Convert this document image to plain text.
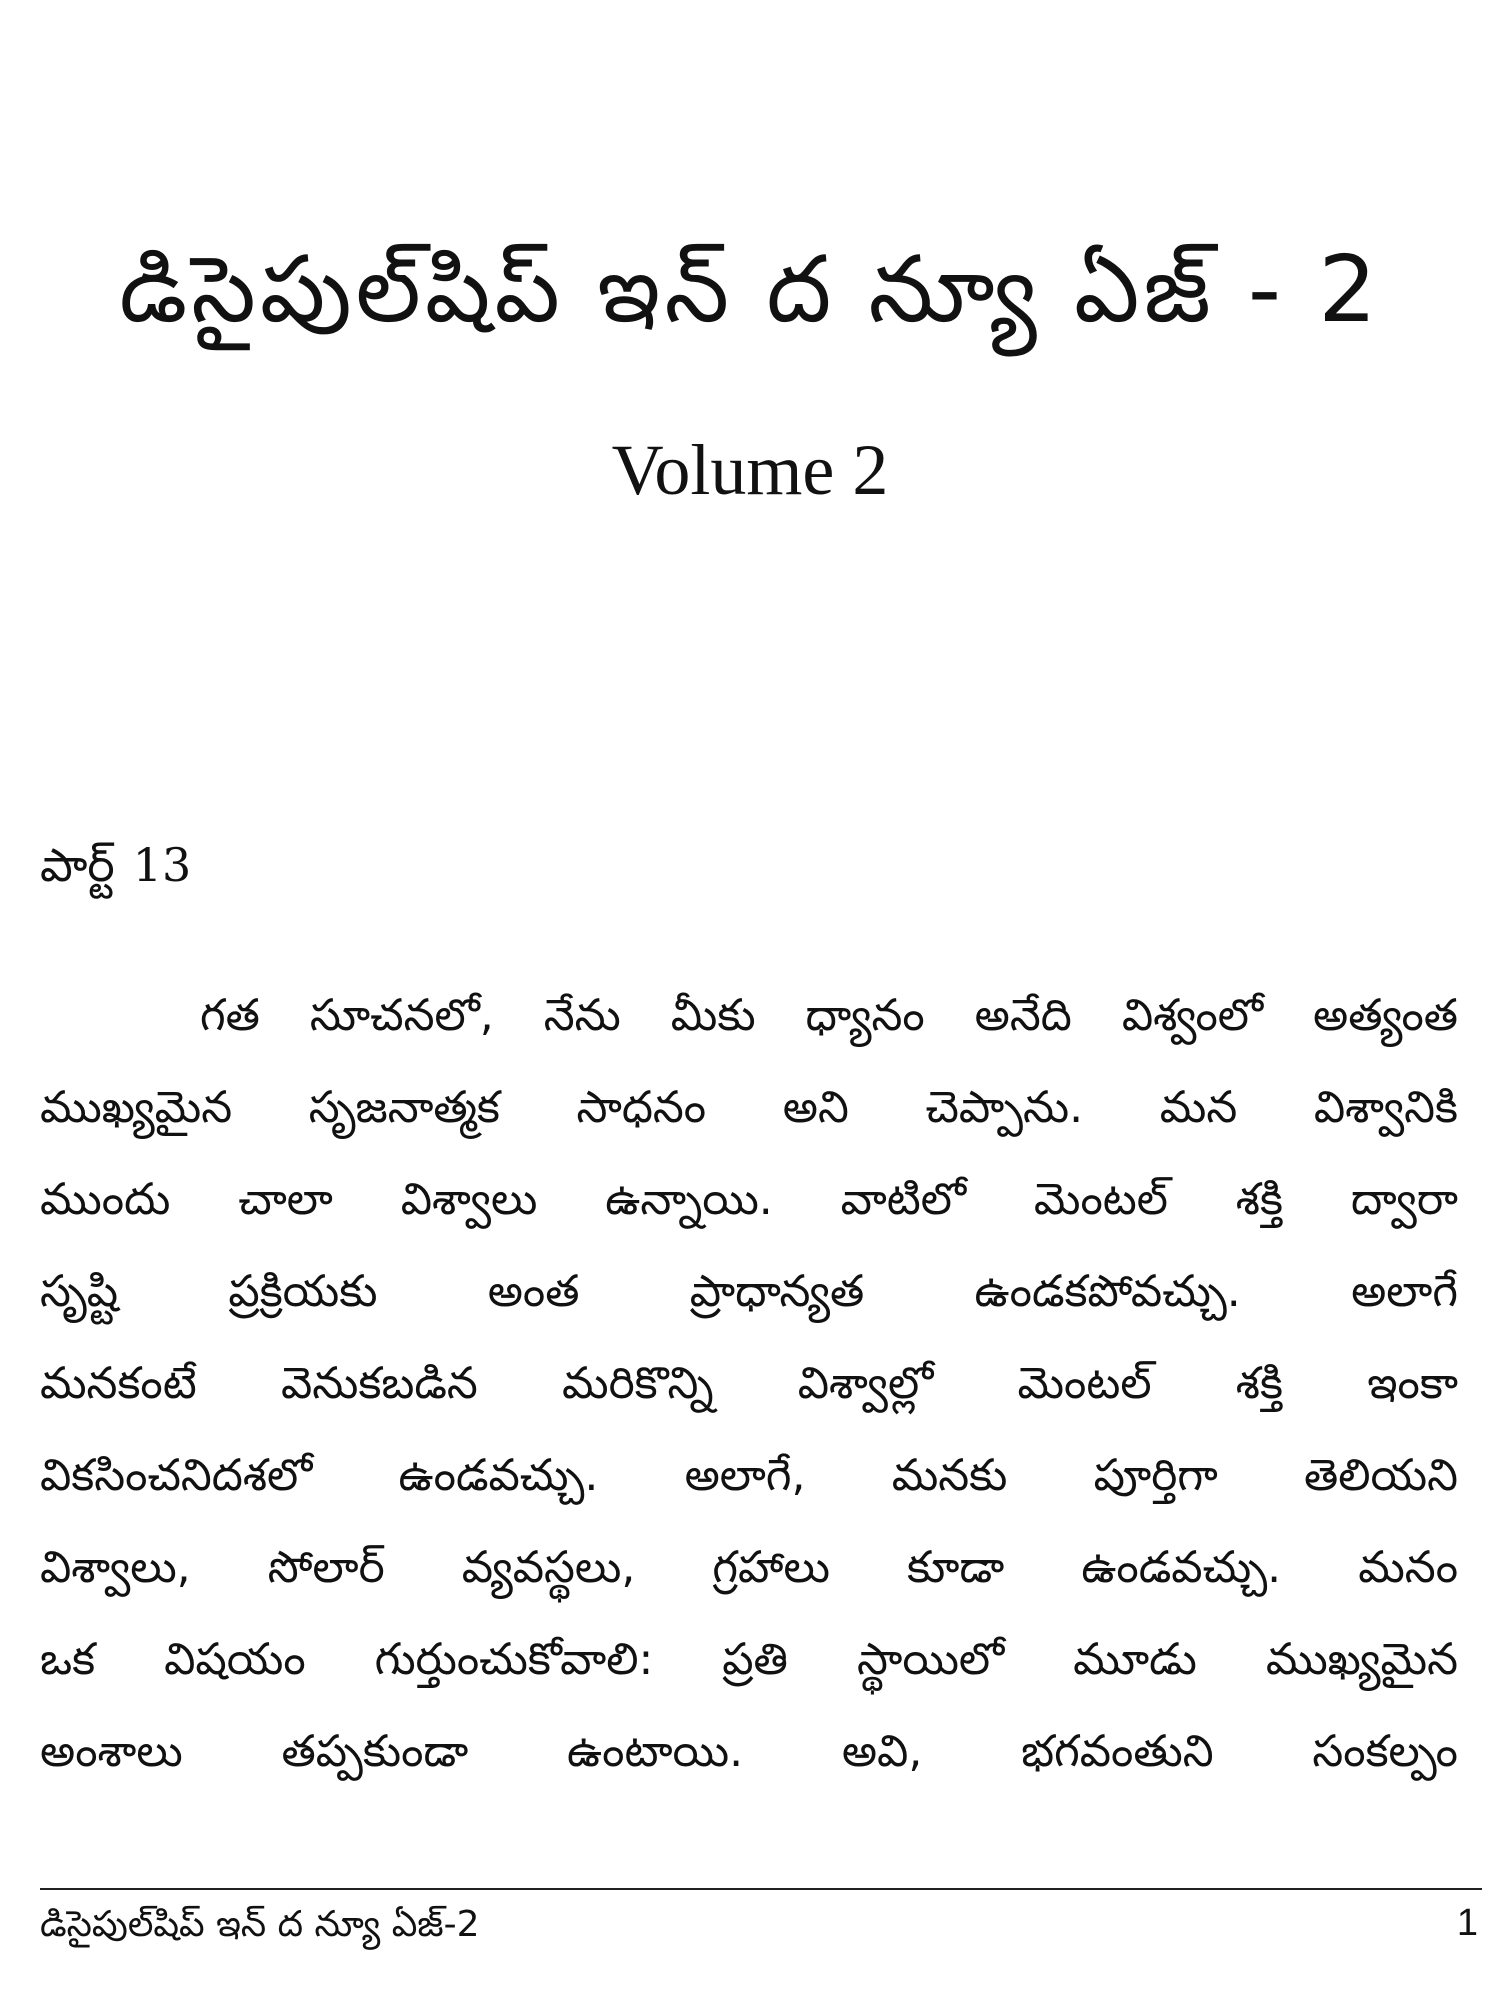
డిసైపుల్‌షిప్ ఇన్ ద న్యూ ఏజ్ - 2
Volume 2
పార్ట్ 13
గత సూచనలో, నేను మీకు ధ్యానం అనేది విశ్వంలో అత్యంత
ముఖ్యమైన సృజనాత్మక సాధనం అని చెప్పాను. మన విశ్వానికి
ముందు చాలా విశ్వాలు ఉన్నాయి. వాటిలో మెంటల్ శక్తి ద్వారా
సృష్టి ప్రక్రియకు అంత ప్రాధాన్యత ఉండకపోవచ్చు. అలాగే
మనకంటే వెనుకబడిన మరికొన్ని విశ్వాల్లో మెంటల్ శక్తి ఇంకా
వికసించనిదశలో ఉండవచ్చు. అలాగే, మనకు పూర్తిగా తెలియని
విశ్వాలు, సోలార్ వ్యవస్థలు, గ్రహాలు కూడా ఉండవచ్చు. మనం
ఒక విషయం గుర్తుంచుకోవాలి: ప్రతి స్థాయిలో మూడు ముఖ్యమైన
అంశాలు తప్పకుండా ఉంటాయి. అవి, భగవంతుని సంకల్పం
డిసైపుల్‌షిప్ ఇన్ ద న్యూ ఏజ్-2	1
